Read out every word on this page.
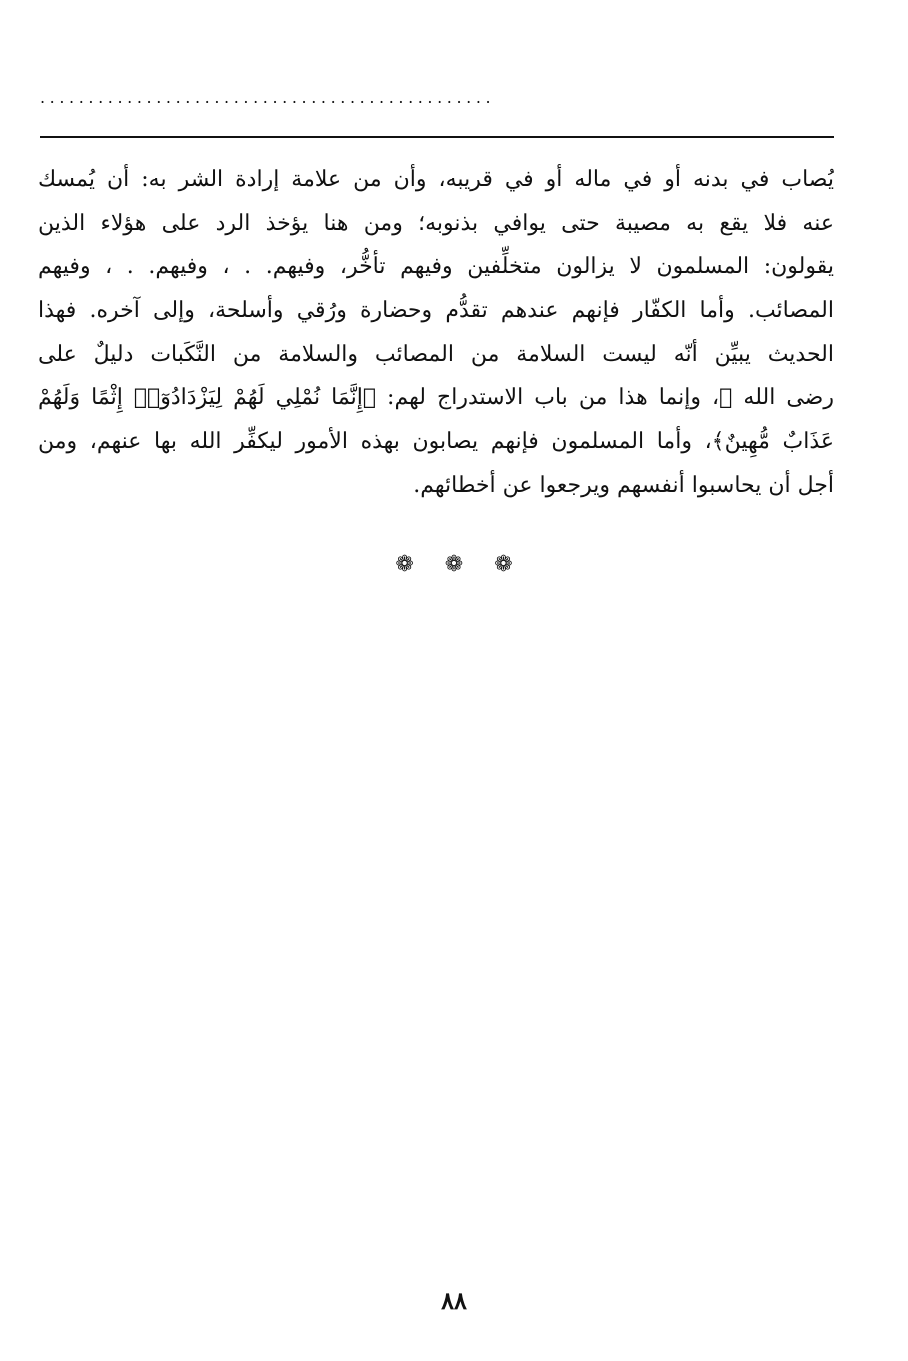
...............................................
يُصاب في بدنه أو في ماله أو في قريبه، وأن من علامة إرادة الشر به: أن يُمسك
عنه فلا يقع به مصيبة حتى يوافي بذنوبه؛ ومن هنا يؤخذ الرد على هؤلاء الذين
يقولون: المسلمون لا يزالون متخلِّفين وفيهم تأخُّر، وفيهم. . ، وفيهم. . ، وفيهم
المصائب. وأما الكفّار فإنهم عندهم تقدُّم وحضارة ورُقي وأسلحة، وإلى آخره. فهذا
الحديث يبيِّن أنّه ليست السلامة من المصائب والسلامة من النَّكَبات دليلٌ على
رضى الله ﷻ، وإنما هذا من باب الاستدراج لهم: ﴿إِنَّمَا نُمْلِي لَهُمْ لِيَزْدَادُوٓا۟ إِثْمًا وَلَهُمْ
عَذَابٌ مُّهِينٌ﴾، وأما المسلمون فإنهم يصابون بهذه الأمور ليكفِّر الله بها عنهم، ومن
أجل أن يحاسبوا أنفسهم ويرجعوا عن أخطائهم.
❁ ❁ ❁
٨٨
